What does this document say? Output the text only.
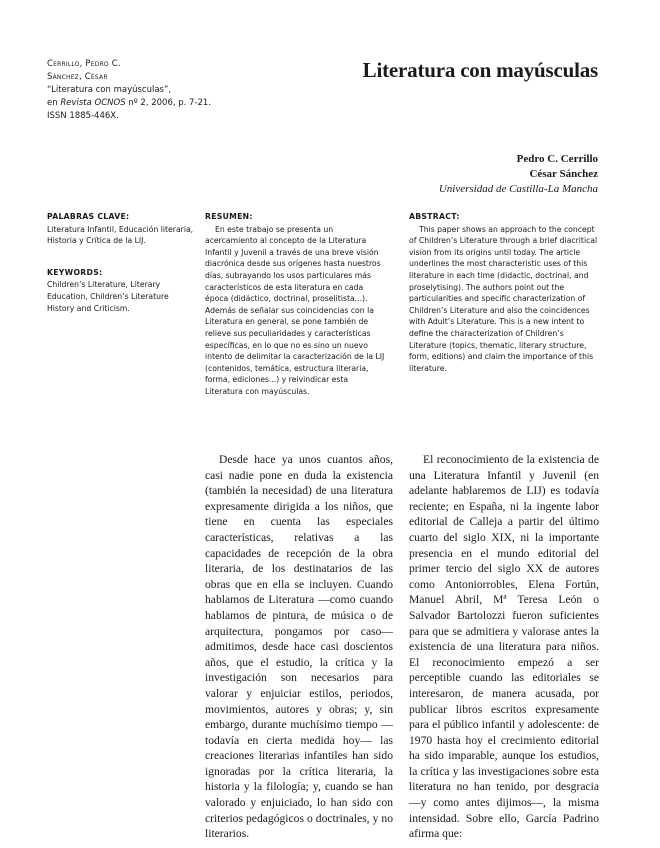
Cerrillo, Pedro C.
Sánchez, César
“Literatura con mayúsculas”,
en Revista OCNOS nº 2, 2006, p. 7-21.
ISSN 1885-446X.
Literatura con mayúsculas
Pedro C. Cerrillo
César Sánchez
Universidad de Castilla-La Mancha
PALABRAS CLAVE:
Literatura Infantil, Educación literaria, Historia y Crítica de la LIJ.
KEYWORDS:
Children’s Literature, Literary Education, Children’s Literature History and Criticism.
RESUMEN:
En este trabajo se presenta un acercamiento al concepto de la Literatura Infantil y Juvenil a través de una breve visión diacrónica desde sus orígenes hasta nuestros días, subrayando los usos particulares más característicos de esta literatura en cada época (didáctico, doctrinal, proselitista...). Además de señalar sus coincidencias con la Literatura en general, se pone también de relieve sus peculiaridades y características específicas, en lo que no es sino un nuevo intento de delimitar la caracterización de la LIJ (contenidos, temática, estructura literaria, forma, ediciones...) y reivindicar esta Literatura con mayúsculas.
ABSTRACT:
This paper shows an approach to the concept of Children’s Literature through a brief diacritical vision from its origins until today. The article underlines the most characteristic uses of this literature in each time (didactic, doctrinal, and proselytising). The authors point out the particularities and specific characterization of Children’s Literature and also the coincidences with Adult’s Literature. This is a new intent to define the characterization of Children’s Literature (topics, thematic, literary structure, form, editions) and claim the importance of this literature.

Desde hace ya unos cuantos años, casi nadie pone en duda la existencia (también la necesidad) de una literatura expresamente dirigida a los niños, que tiene en cuenta las especiales características, relativas a las capacidades de recepción de la obra literaria, de los destinatarios de las obras que en ella se incluyen. Cuando hablamos de Literatura —como cuando hablamos de pintura, de música o de arquitectura, pongamos por caso— admitimos, desde hace casi doscientos años, que el estudio, la crítica y la investigación son necesarios para valorar y enjuiciar estilos, periodos, movimientos, autores y obras; y, sin embargo, durante muchísimo tiempo —todavía en cierta medida hoy— las creaciones literarias infantiles han sido ignoradas por la crítica literaria, la historia y la filología; y, cuando se han valorado y enjuiciado, lo han sido con criterios pedagógicos o doctrinales, y no literarios.

El reconocimiento de la existencia de una Literatura Infantil y Juvenil (en adelante hablaremos de LIJ) es todavía reciente; en España, ni la ingente labor editorial de Calleja a partir del último cuarto del siglo XIX, ni la importante presencia en el mundo editorial del primer tercio del siglo XX de autores como Antoniorrobles, Elena Fortún, Manuel Abril, Mª Teresa León o Salvador Bartolozzi fueron suficientes para que se admitiera y valorase antes la existencia de una literatura para niños. El reconocimiento empezó a ser perceptible cuando las editoriales se interesaron, de manera acusada, por publicar libros escritos expresamente para el público infantil y adolescente: de 1970 hasta hoy el crecimiento editorial ha sido imparable, aunque los estudios, la crítica y las investigaciones sobre esta literatura no han tenido, por desgracia —y como antes dijimos—, la misma intensidad. Sobre ello, García Padrino afirma que:
